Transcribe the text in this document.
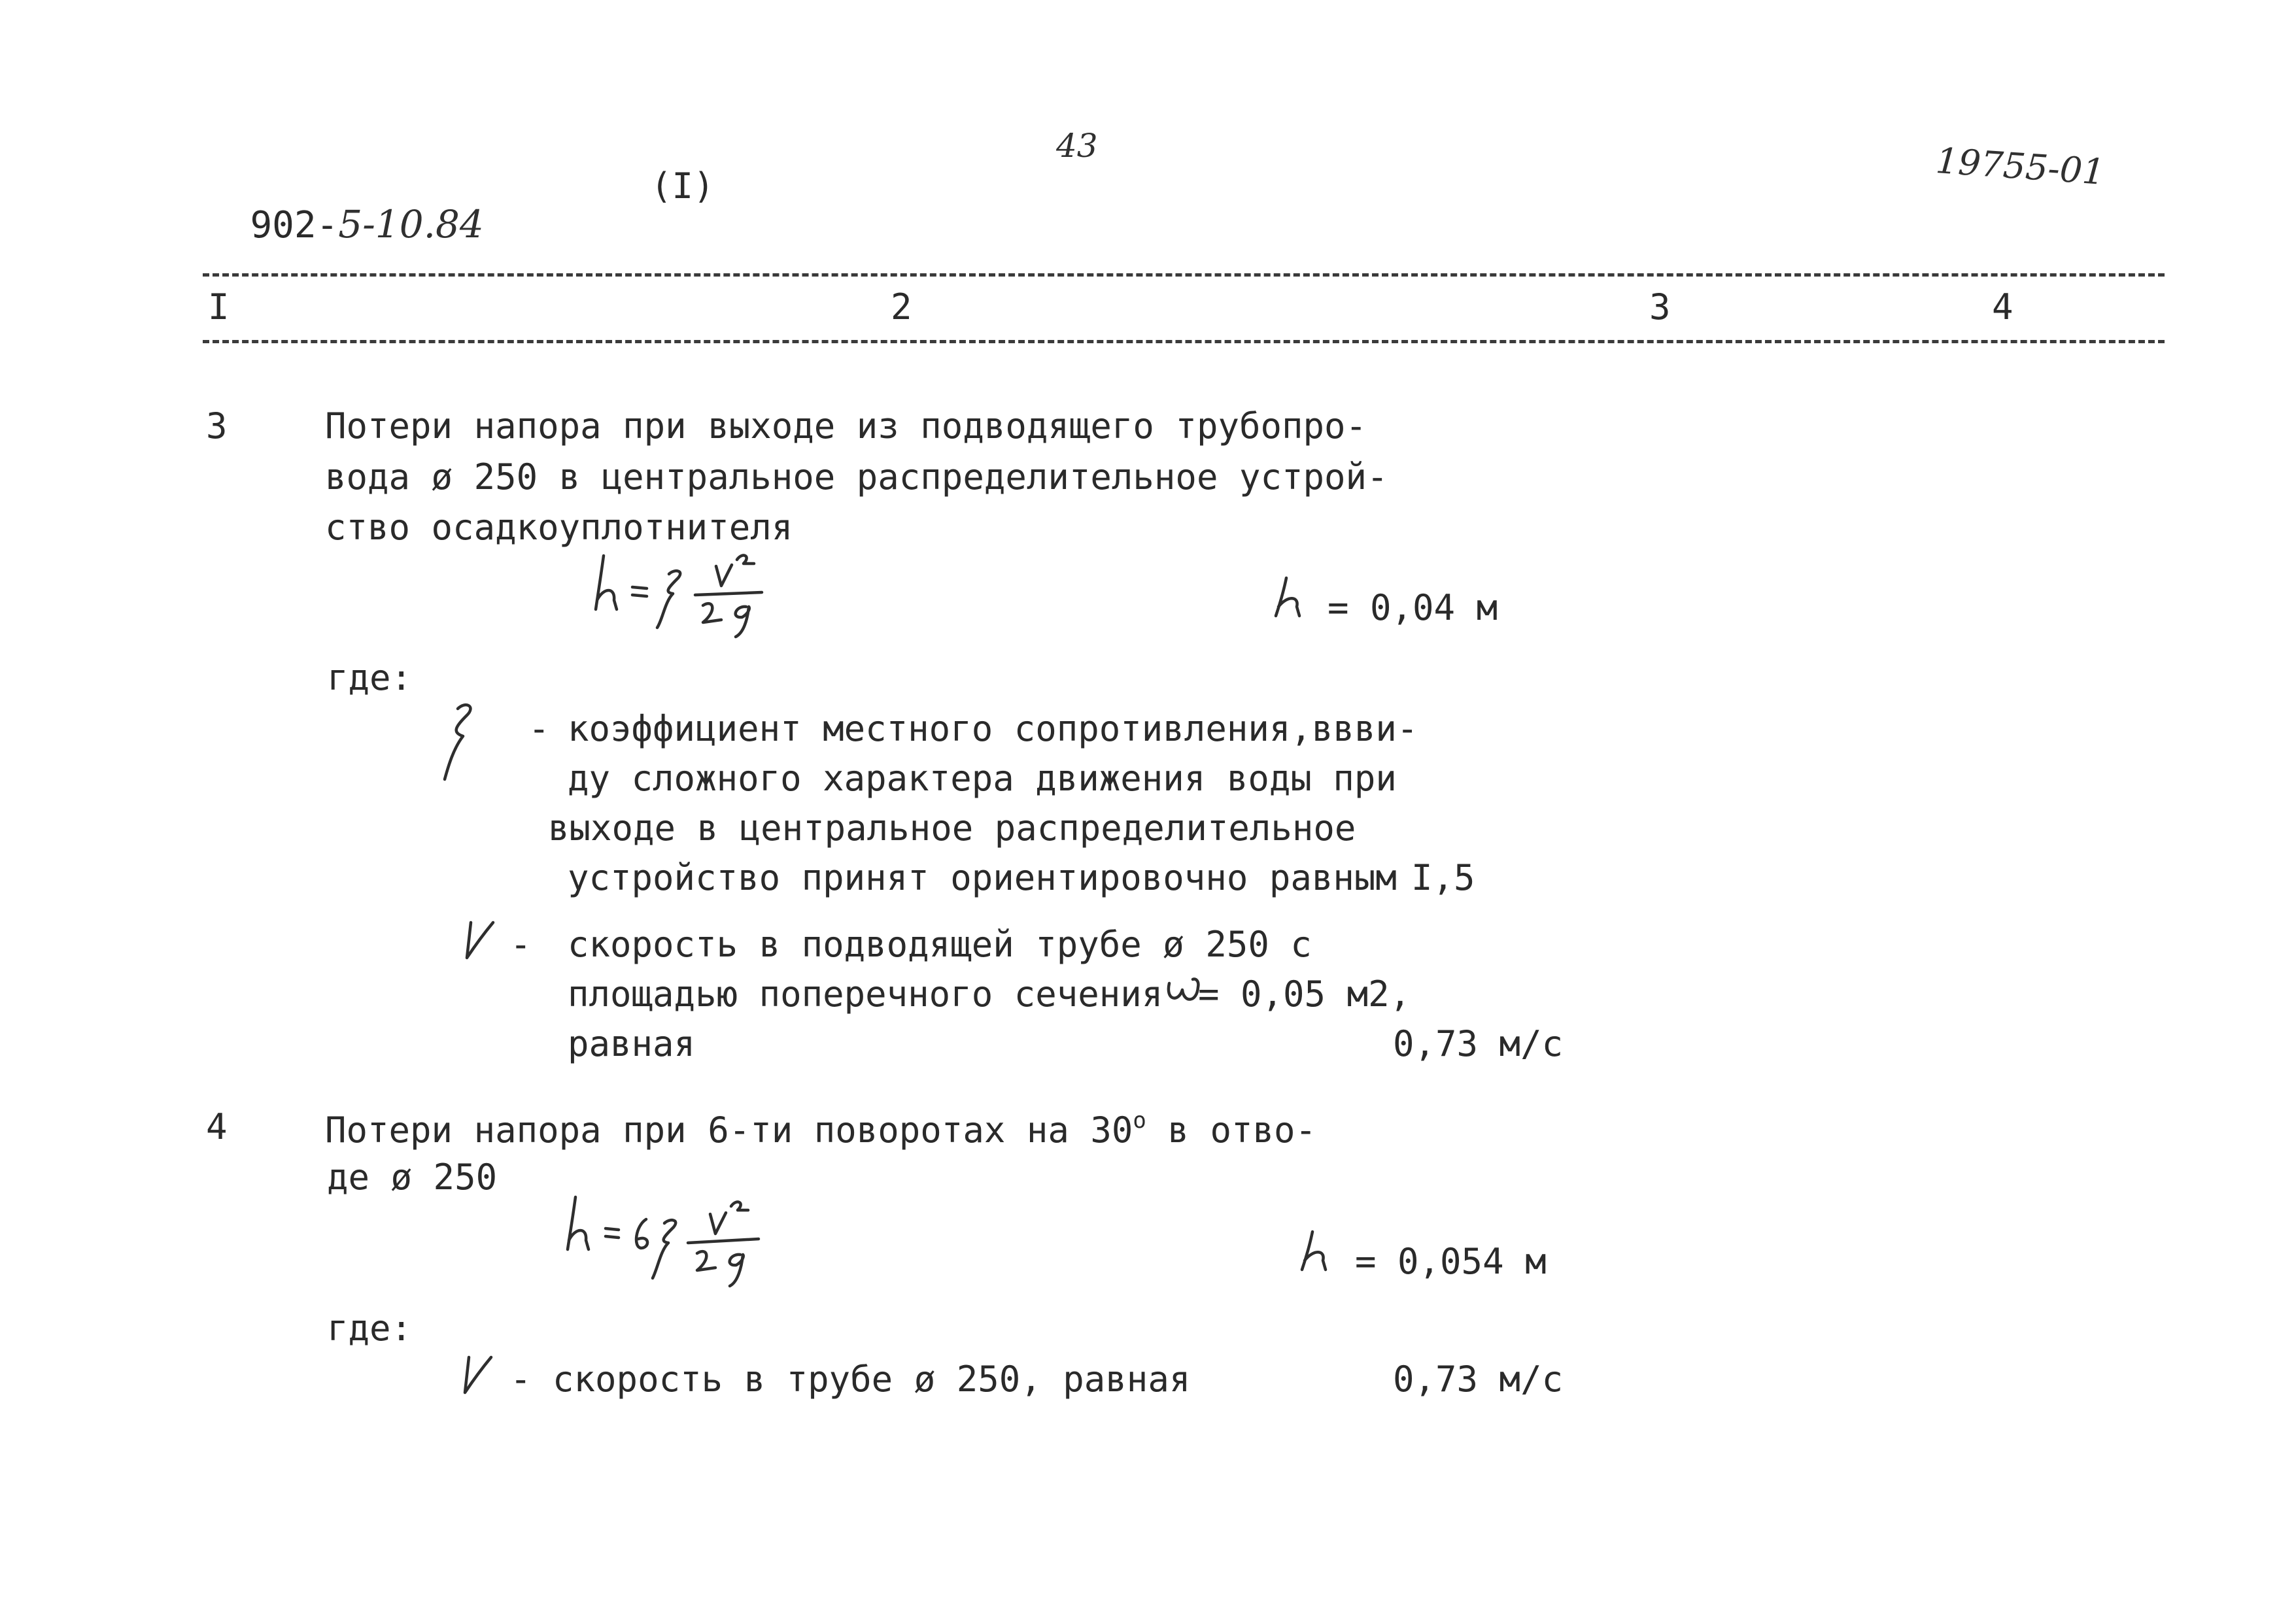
902-5-10.84

(I)
43	19755-01
I	2	3	4
3	Потери напора при выходе из подводящего трубопро-
вода ø 250 в центральное распределительное устрой-
ство осадкоуплотнителя
= 0,04 м
где:
- коэффициент местного сопротивления,ввви-
ду сложного характера движения воды при
выходе в центральное распределительное
устройство принят ориентировочно равным I,5
- скорость в подводящей трубе ø 250 с
площадью поперечного сечения = 0,05 м2,
равная	0,73 м/с
4	Потери напора при 6-ти поворотах на 30$^o$ в отво-
де ø 250
= 0,054 м
где:
- скорость в трубе ø 250, равная	0,73 м/с
